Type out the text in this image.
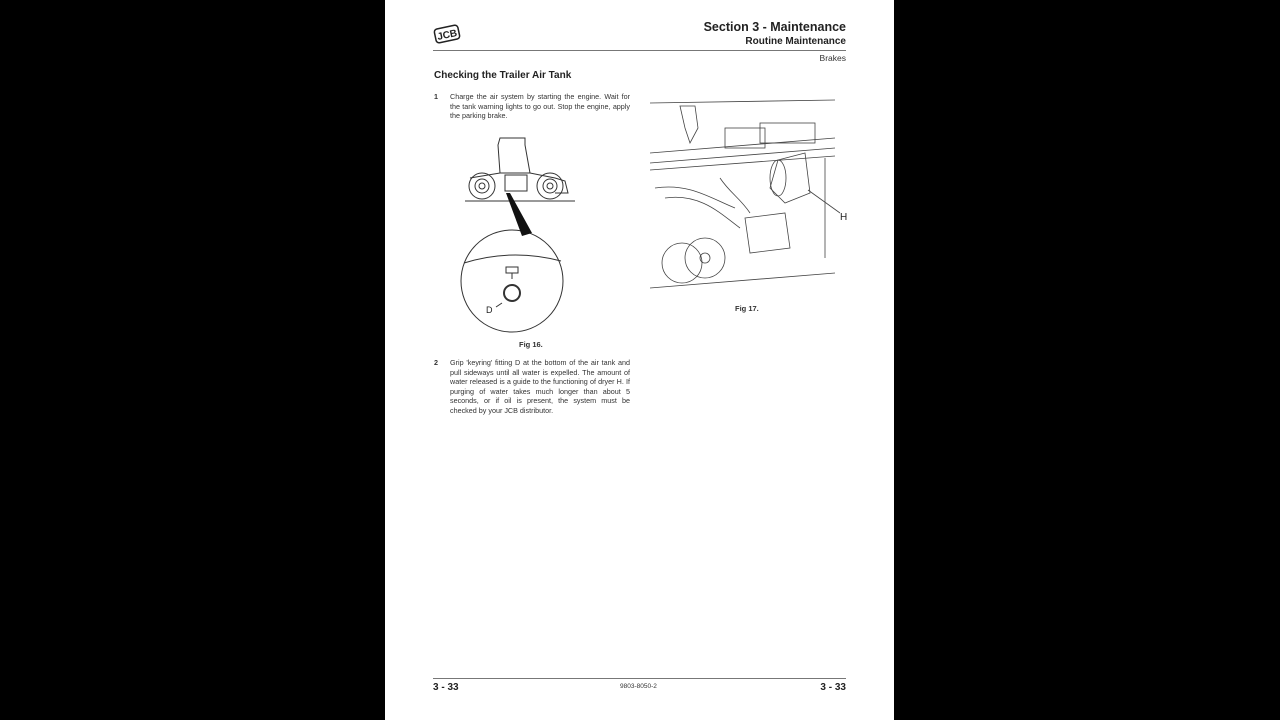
JCB
Section 3 - Maintenance
Routine Maintenance
Brakes
Checking the Trailer Air Tank
1 Charge the air system by starting the engine. Wait for the tank warning lights to go out. Stop the engine, apply the parking brake.
D
Fig 16.
H
Fig 17.
2 Grip 'keyring' fitting D at the bottom of the air tank and pull sideways until all water is expelled. The amount of water released is a guide to the functioning of dryer H. If purging of water takes much longer than about 5 seconds, or if oil is present, the system must be checked by your JCB distributor.
3 - 33	9803-8050-2	3 - 33
